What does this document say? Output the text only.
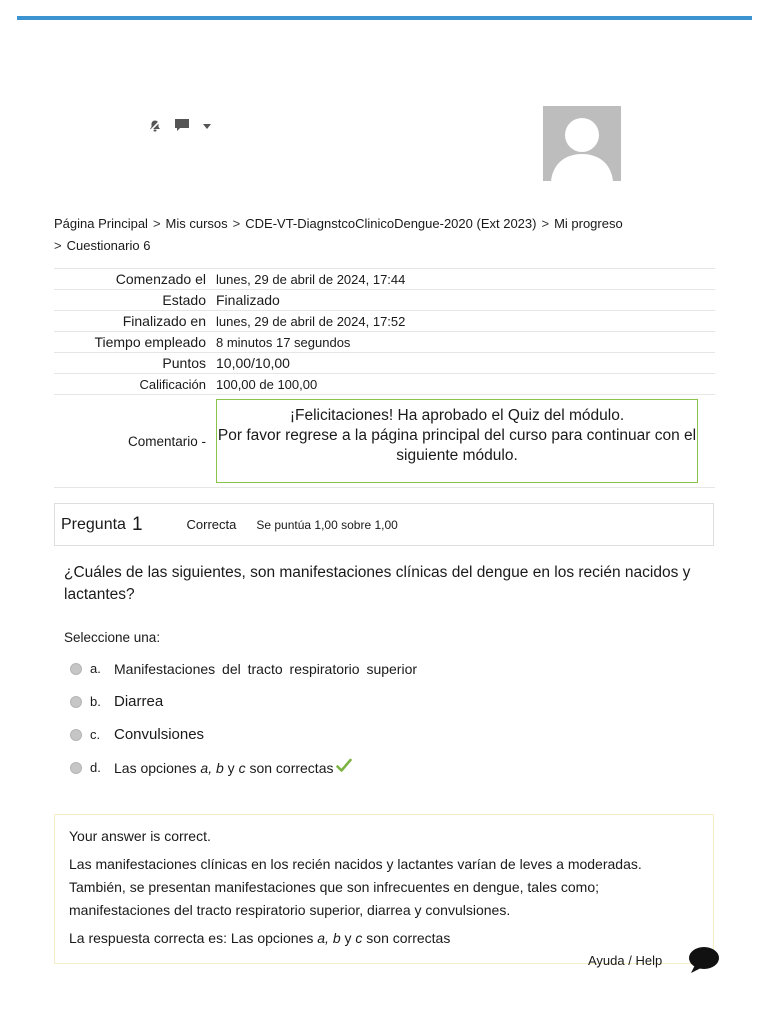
Página Principal > Mis cursos > CDE-VT-DiagnstcoClinicoDengue-2020 (Ext 2023) > Mi progreso
> Cuestionario 6
Comenzado el	lunes, 29 de abril de 2024, 17:44
Estado	Finalizado
Finalizado en	lunes, 29 de abril de 2024, 17:52
Tiempo empleado	8 minutos 17 segundos
Puntos	10,00/10,00
Calificación	100,00 de 100,00
Comentario -	¡Felicitaciones! Ha aprobado el Quiz del módulo.
Por favor regrese a la página principal del curso para continuar con el siguiente módulo.
Pregunta 1	Correcta Se puntúa 1,00 sobre 1,00
¿Cuáles de las siguientes, son manifestaciones clínicas del dengue en los recién nacidos y lactantes?
Seleccione una:
a. Manifestaciones del tracto respiratorio superior
b. Diarrea
c. Convulsiones
d. Las opciones a, b y c son correctas

Your answer is correct.

Las manifestaciones clínicas en los recién nacidos y lactantes varían de leves a moderadas. También, se presentan manifestaciones que son infrecuentes en dengue, tales como; manifestaciones del tracto respiratorio superior, diarrea y convulsiones.

La respuesta correcta es: Las opciones a, b y c son correctas

Ayuda / Help
